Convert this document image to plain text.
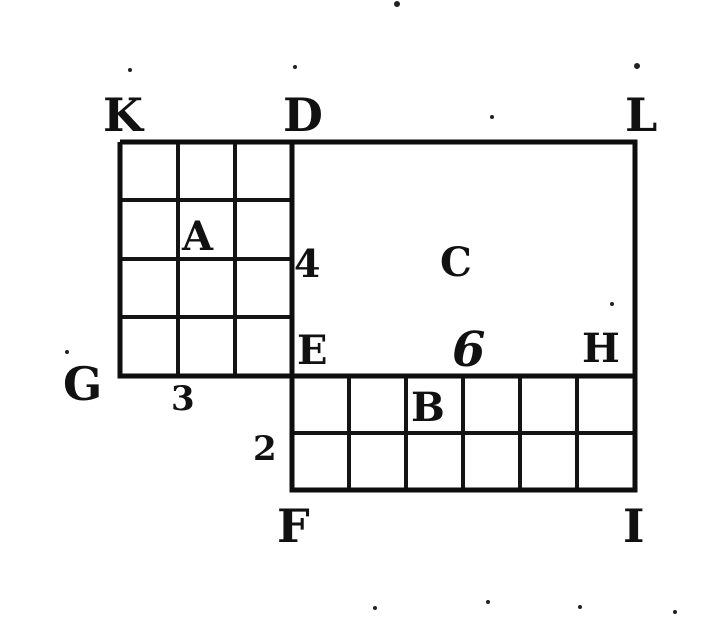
K	D	L
G
E	H
F	I
A
B
C
4
3
6
2
